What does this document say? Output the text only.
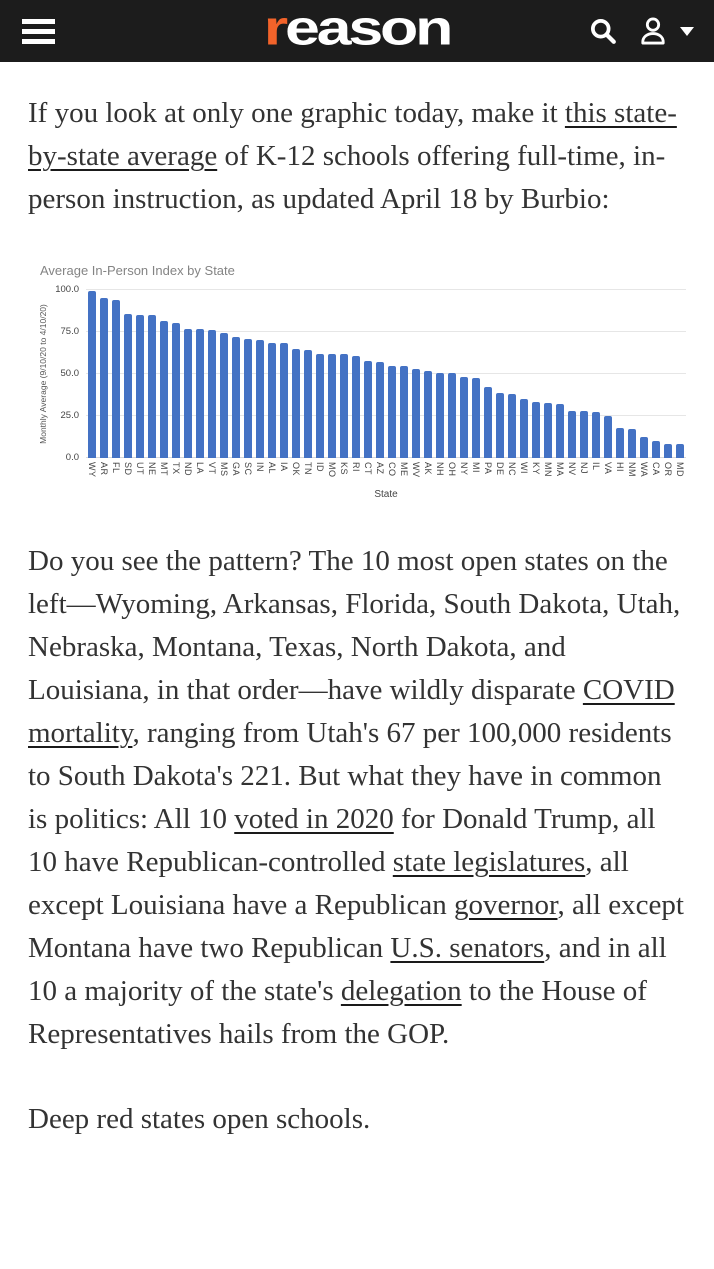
reason

If you look at only one graphic today, make it this state-by-state average of K-12 schools offering full-time, in-person instruction, as updated April 18 by Burbio:

Average In-Person Index by State
Monthly Average (9/10/20 to 4/10/20)
100.0
75.0
50.0
25.0
0.0
WY AR FL SD UT NE MT TX ND LA VT MS GA SC IN AL IA OK TN ID MO KS RI CT AZ CO ME WV AK NH OH NY MI PA DE NC WI KY MN MA NV NJ IL VA HI NM WA CA OR MD
State

Do you see the pattern? The 10 most open states on the left—Wyoming, Arkansas, Florida, South Dakota, Utah, Nebraska, Montana, Texas, North Dakota, and Louisiana, in that order—have wildly disparate COVID mortality, ranging from Utah's 67 per 100,000 residents to South Dakota's 221. But what they have in common is politics: All 10 voted in 2020 for Donald Trump, all 10 have Republican-controlled state legislatures, all except Louisiana have a Republican governor, all except Montana have two Republican U.S. senators, and in all 10 a majority of the state's delegation to the House of Representatives hails from the GOP.

Deep red states open schools.
